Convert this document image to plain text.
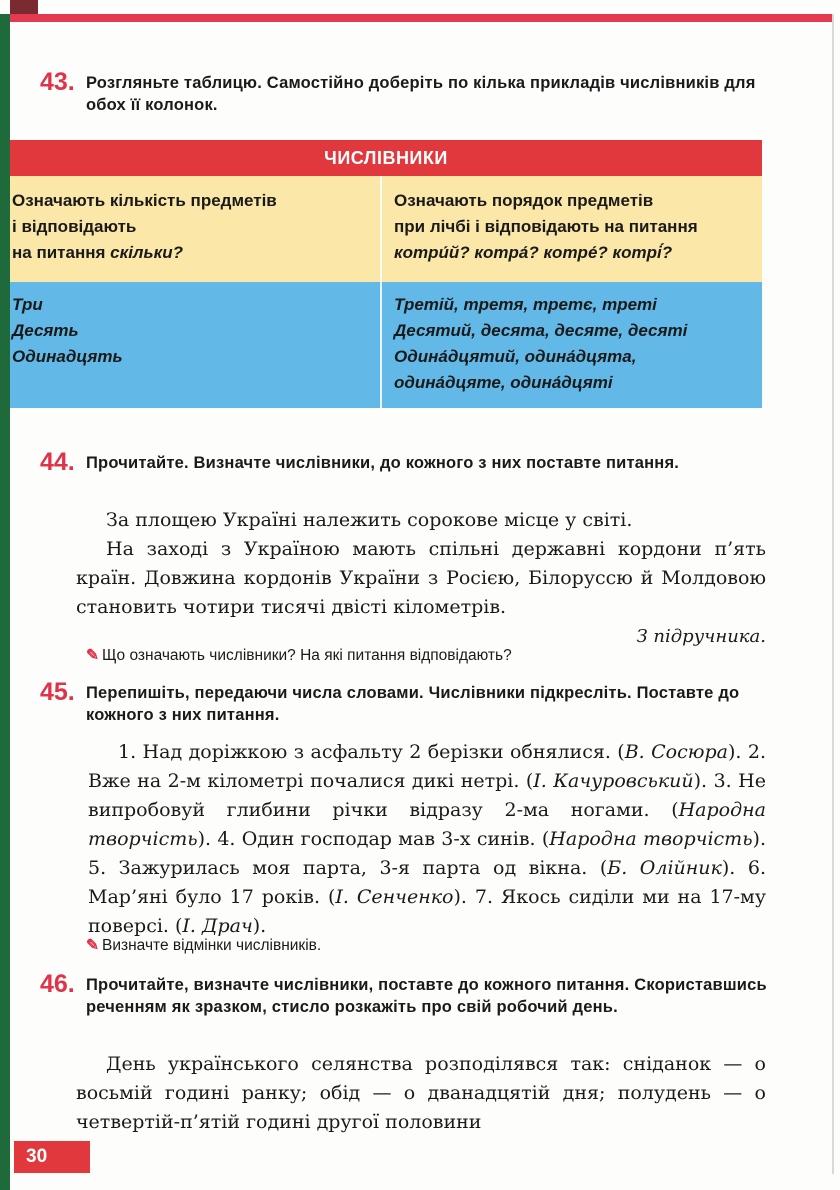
43. Розгляньте таблицю. Самостійно доберіть по кілька прикладів числівників для обох її колонок.
ЧИСЛІВНИКИ
Означають кількість предметів
і відповідають
на питання скільки?
Означають порядок предметів
при лічбі і відповідають на питання
котри́й? котра́? котре́? котрі́?
Три
Десять
Одинадцять
Третій, третя, третє, треті
Десятий, десята, десяте, десяті
Одина́дцятий, одина́дцята,
одина́дцяте, одина́дцяті
44. Прочитайте. Визначте числівники, до кожного з них поставте питання.

За площею Україні належить сорокове місце у світі.

На заході з Україною мають спільні державні кордони п’ять країн. Довжина кордонів України з Росією, Білоруссю й Молдовою становить чотири тисячі двісті кілометрів.

З підручника.
✎ Що означають числівники? На які питання відповідають?
45. Перепишіть, передаючи числа словами. Числівники підкресліть. Поставте до кожного з них питання.

1. Над доріжкою з асфальту 2 берізки обнялися. (В. Сосюра). 2. Вже на 2-м кілометрі почалися дикі нетрі. (І. Качуровський). 3. Не випробовуй глибини річки відразу 2-ма ногами. (Народна творчість). 4. Один господар мав 3-х синів. (Народна творчість). 5. Зажурилась моя парта, 3-я парта од вікна. (Б. Олійник). 6. Мар’яні було 17 років. (І. Сенченко). 7. Якось сиділи ми на 17-му поверсі. (І. Драч).

✎ Визначте відмінки числівників.
46. Прочитайте, визначте числівники, поставте до кожного питання. Скориставшись реченням як зразком, стисло розкажіть про свій робочий день.

День українського селянства розподілявся так: сніданок — о восьмій годині ранку; обід — о дванадцятій дня; полудень — о четвертій-п’ятій годині другої половини

30
